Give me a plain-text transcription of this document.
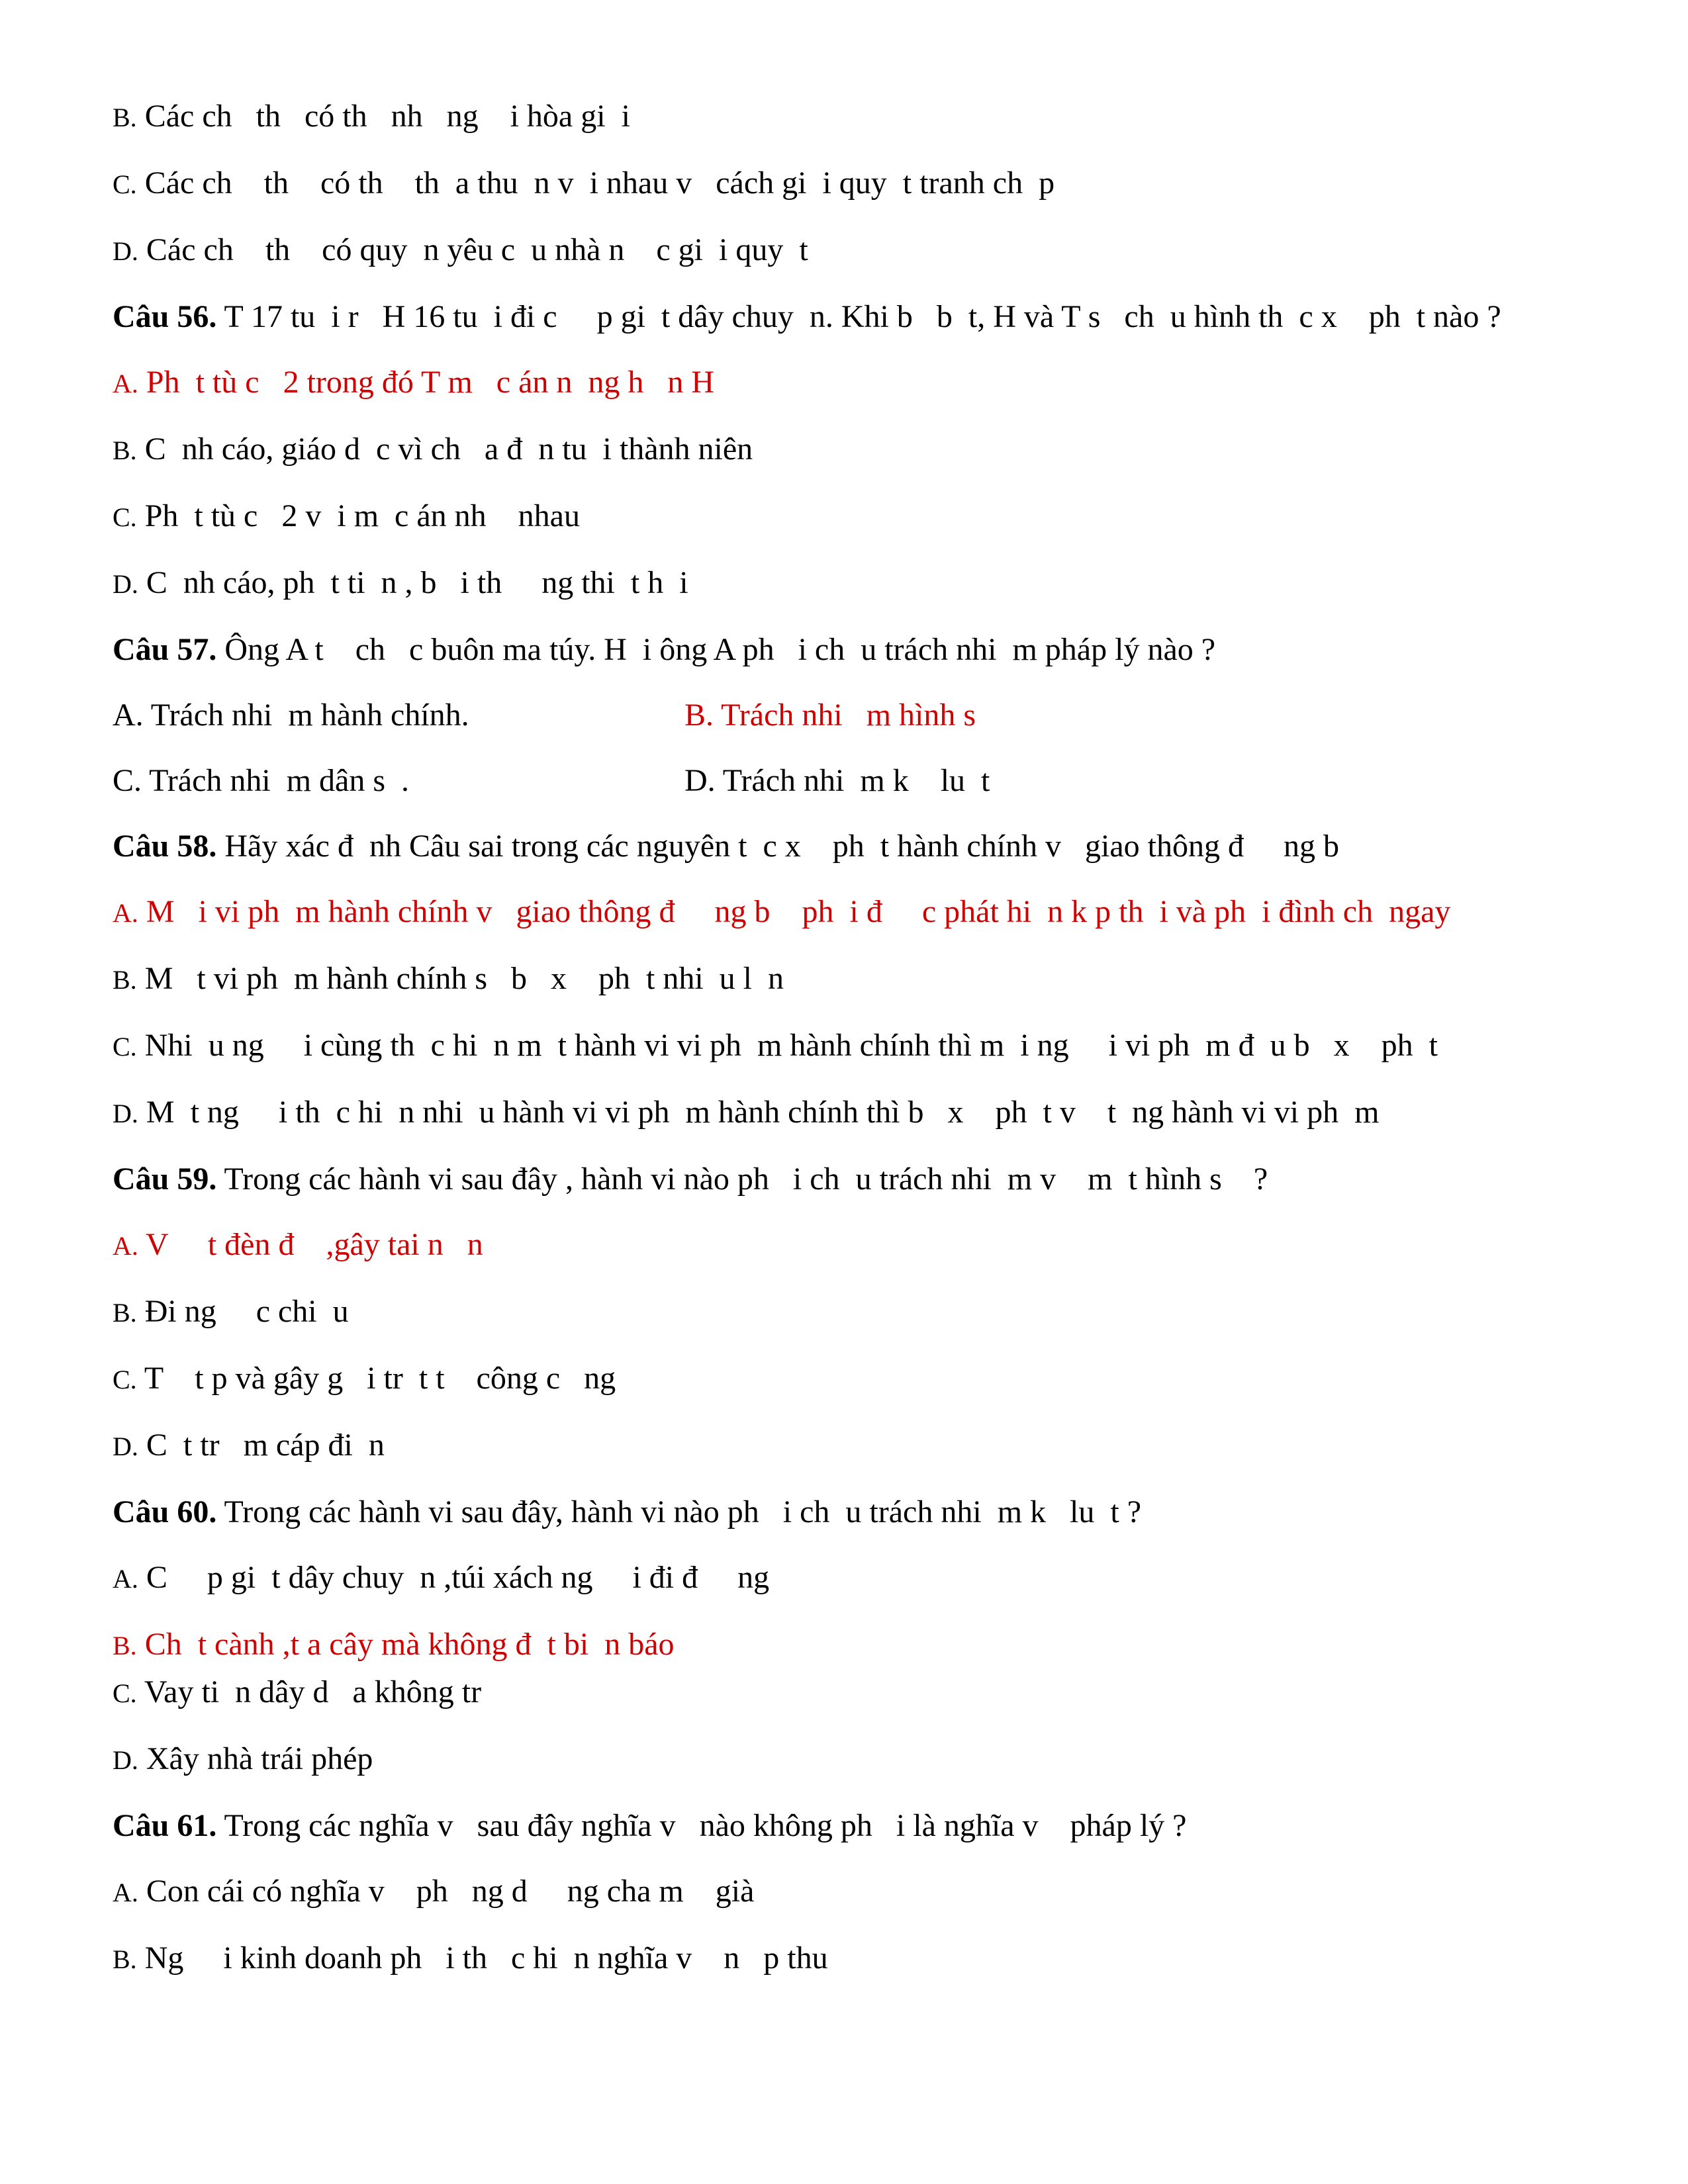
B. Các ch   th   có th   nh   ng    i hòa gi  i
C. Các ch    th    có th    th  a thu  n v  i nhau v   cách gi  i quy  t tranh ch  p
D. Các ch    th    có quy  n yêu c  u nhà n    c gi  i quy  t
Câu 56. T 17 tu  i r   H 16 tu  i đi c     p gi  t dây chuy  n. Khi b   b  t, H và T s   ch  u hình th  c x    ph  t nào ?
A. Ph  t tù c   2 trong đó T m   c án n  ng h   n H
B. C  nh cáo, giáo d  c vì ch   a đ  n tu  i thành niên
C. Ph  t tù c   2 v  i m  c án nh    nhau
D. C  nh cáo, ph  t ti  n , b   i th     ng thi  t h  i
Câu 57. Ông A t    ch   c buôn ma túy. H  i ông A ph   i ch  u trách nhi  m pháp lý nào ?
A. Trách nhi  m hành chính.	B. Trách nhi   m hình s
C. Trách nhi  m dân s  .	D. Trách nhi  m k    lu  t
Câu 58. Hãy xác đ  nh Câu sai trong các nguyên t  c x    ph  t hành chính v   giao thông đ     ng b
A. M   i vi ph  m hành chính v   giao thông đ     ng b    ph  i đ     c phát hi  n k p th  i và ph  i đình ch  ngay
B. M   t vi ph  m hành chính s   b   x    ph  t nhi  u l  n
C. Nhi  u ng     i cùng th  c hi  n m  t hành vi vi ph  m hành chính thì m  i ng     i vi ph  m đ  u b   x    ph  t
D. M  t ng     i th  c hi  n nhi  u hành vi vi ph  m hành chính thì b   x    ph  t v    t  ng hành vi vi ph  m
Câu 59. Trong các hành vi sau đây , hành vi nào ph   i ch  u trách nhi  m v    m  t hình s    ?
A. V     t đèn đ    ,gây tai n   n
B. Đi ng     c chi  u
C. T    t p và gây g   i tr  t t    công c   ng
D. C  t tr   m cáp đi  n
Câu 60. Trong các hành vi sau đây, hành vi nào ph   i ch  u trách nhi  m k   lu  t ?
A. C     p gi  t dây chuy  n ,túi xách ng     i đi đ     ng
B. Ch  t cành ,t a cây mà không đ  t bi  n báo
C. Vay ti  n dây d   a không tr
D. Xây nhà trái phép
Câu 61. Trong các nghĩa v   sau đây nghĩa v   nào không ph   i là nghĩa v    pháp lý ?
A. Con cái có nghĩa v    ph   ng d     ng cha m    già
B. Ng     i kinh doanh ph   i th   c hi  n nghĩa v    n   p thu
